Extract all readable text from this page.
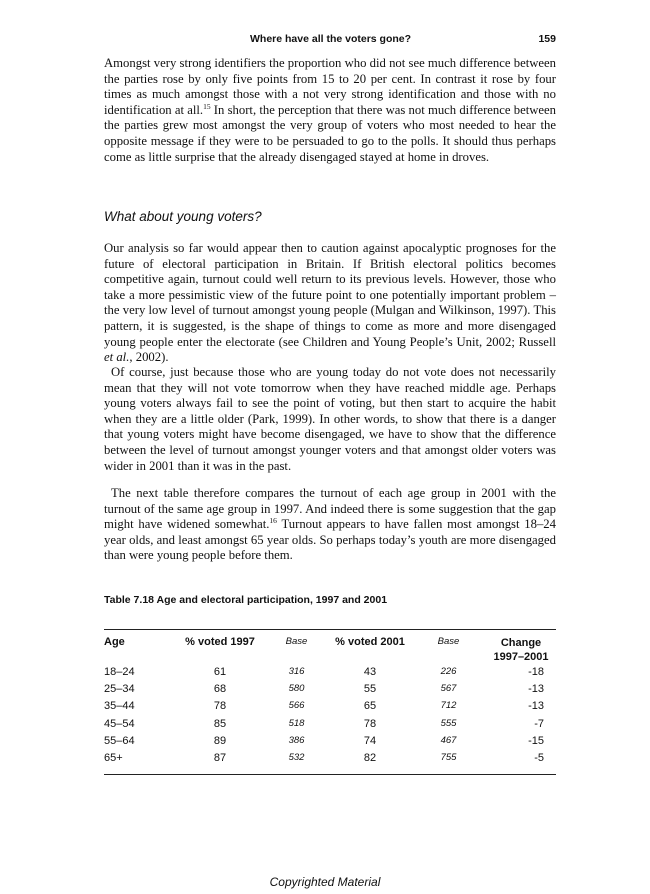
Where have all the voters gone?	159

Amongst very strong identifiers the proportion who did not see much difference between the parties rose by only five points from 15 to 20 per cent. In contrast it rose by four times as much amongst those with a not very strong identification and those with no identification at all.$^{15}$ In short, the perception that there was not much difference between the parties grew most amongst the very group of voters who most needed to hear the opposite message if they were to be persuaded to go to the polls. It should thus perhaps come as little surprise that the already disengaged stayed at home in droves.

What about young voters?

Our analysis so far would appear then to caution against apocalyptic prognoses for the future of electoral participation in Britain. If British electoral politics becomes competitive again, turnout could well return to its previous levels. However, those who take a more pessimistic view of the future point to one potentially important problem – the very low level of turnout amongst young people (Mulgan and Wilkinson, 1997). This pattern, it is suggested, is the shape of things to come as more and more disengaged young people enter the electorate (see Children and Young People’s Unit, 2002; Russell et al., 2002).

Of course, just because those who are young today do not vote does not necessarily mean that they will not vote tomorrow when they have reached middle age. Perhaps young voters always fail to see the point of voting, but then start to acquire the habit when they are a little older (Park, 1999). In other words, to show that there is a danger that young voters might have become disengaged, we have to show that the difference between the level of turnout amongst younger voters and that amongst older voters was wider in 2001 than it was in the past.

The next table therefore compares the turnout of each age group in 2001 with the turnout of the same age group in 1997. And indeed there is some suggestion that the gap might have widened somewhat.$^{16}$ Turnout appears to have fallen most amongst 18–24 year olds, and least amongst 65 year olds. So perhaps today’s youth are more disengaged than were young people before them.

Table 7.18 Age and electoral participation, 1997 and 2001
Age	% voted 1997	Base	% voted 2001	Base	Change
1997–2001
18–24	61	316	43	226	-18
25–34	68	580	55	567	-13
35–44	78	566	65	712	-13
45–54	85	518	78	555	-7
55–64	89	386	74	467	-15
65+	87	532	82	755	-5
Copyrighted Material
